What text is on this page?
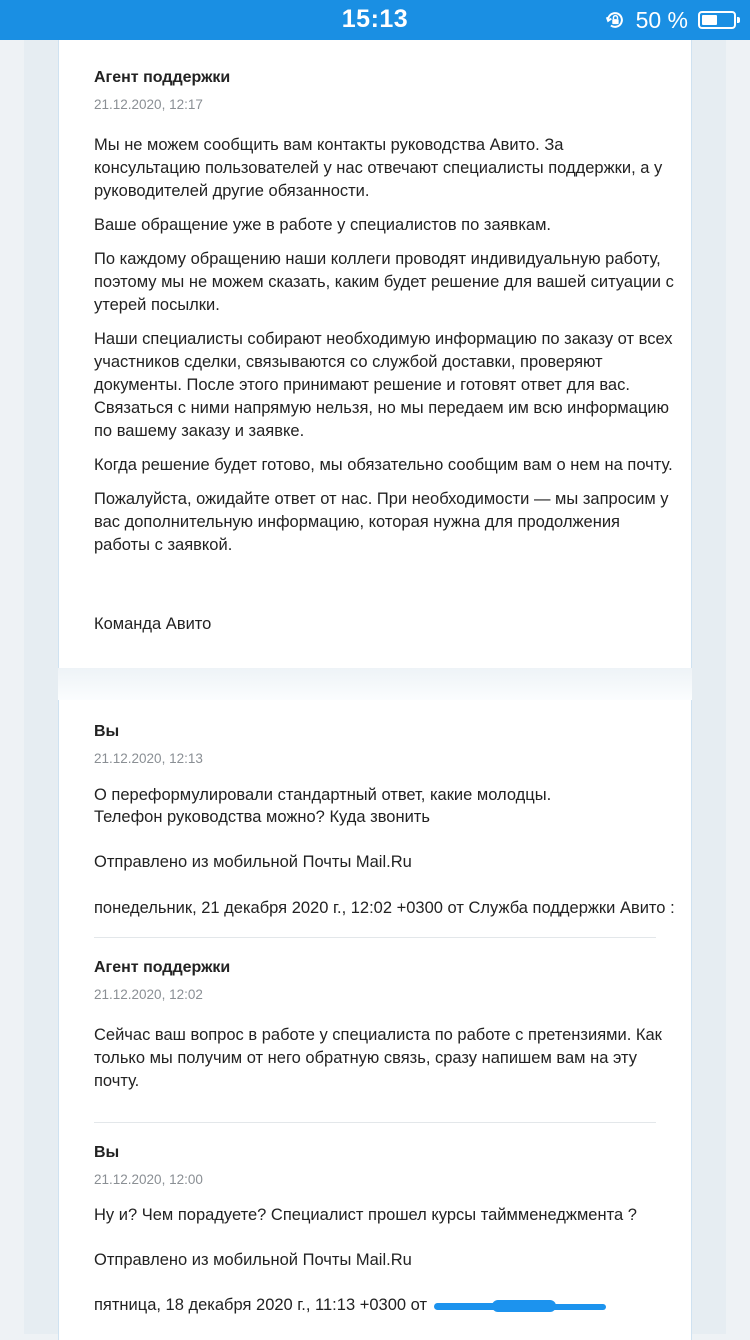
15:13	50 %
Агент поддержки
21.12.2020, 12:17

Мы не можем сообщить вам контакты руководства Авито. За консультацию пользователей у нас отвечают специалисты поддержки, а у руководителей другие обязанности.

Ваше обращение уже в работе у специалистов по заявкам.

По каждому обращению наши коллеги проводят индивидуальную работу, поэтому мы не можем сказать, каким будет решение для вашей ситуации с утерей посылки.

Наши специалисты собирают необходимую информацию по заказу от всех участников сделки, связываются со службой доставки, проверяют документы. После этого принимают решение и готовят ответ для вас. Связаться с ними напрямую нельзя, но мы передаем им всю информацию по вашему заказу и заявке.

Когда решение будет готово, мы обязательно сообщим вам о нем на почту.

Пожалуйста, ожидайте ответ от нас. При необходимости — мы запросим у вас дополнительную информацию, которая нужна для продолжения работы с заявкой.

Команда Авито
Вы
21.12.2020, 12:13
О переформулировали стандартный ответ, какие молодцы.
Телефон руководства можно? Куда звонить
Отправлено из мобильной Почты Mail.Ru
понедельник, 21 декабря 2020 г., 12:02 +0300 от Служба поддержки Авито :
Агент поддержки
21.12.2020, 12:02

Сейчас ваш вопрос в работе у специалиста по работе с претензиями. Как только мы получим от него обратную связь, сразу напишем вам на эту почту.

Вы
21.12.2020, 12:00
Ну и? Чем порадуете? Специалист прошел курсы таймменеджмента ?
Отправлено из мобильной Почты Mail.Ru
пятница, 18 декабря 2020 г., 11:13 +0300 от
